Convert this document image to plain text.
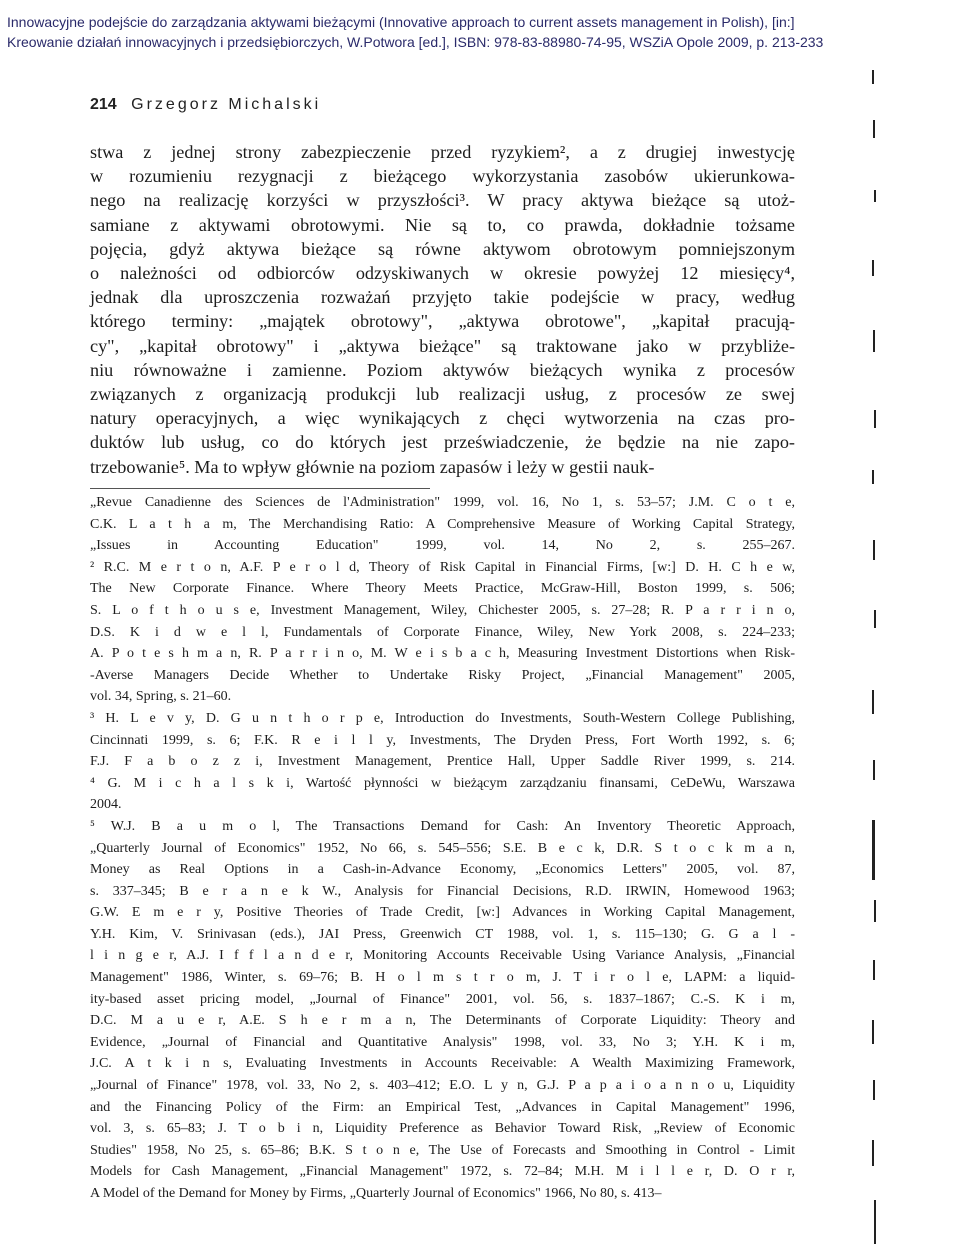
Innowacyjne podejście do zarządzania aktywami bieżącymi (Innovative approach to current assets management in Polish), [in:]
Kreowanie działań innowacyjnych i przedsiębiorczych, W.Potwora [ed.], ISBN: 978-83-88980-74-95, WSZiA Opole 2009, p. 213-233
214 Grzegorz Michalski
stwa z jednej strony zabezpieczenie przed ryzykiem², a z drugiej inwestycję
w rozumieniu rezygnacji z bieżącego wykorzystania zasobów ukierunkowa-
nego na realizację korzyści w przyszłości³. W pracy aktywa bieżące są utoż-
samiane z aktywami obrotowymi. Nie są to, co prawda, dokładnie tożsame
pojęcia, gdyż aktywa bieżące są równe aktywom obrotowym pomniejszonym
o należności od odbiorców odzyskiwanych w okresie powyżej 12 miesięcy⁴,
jednak dla uproszczenia rozważań przyjęto takie podejście w pracy, według
którego terminy: „majątek obrotowy", „aktywa obrotowe", „kapitał pracują-
cy", „kapitał obrotowy" i „aktywa bieżące" są traktowane jako w przybliże-
niu równoważne i zamienne. Poziom aktywów bieżących wynika z procesów
związanych z organizacją produkcji lub realizacji usług, z procesów ze swej
natury operacyjnych, a więc wynikających z chęci wytworzenia na czas pro-
duktów lub usług, co do których jest przeświadczenie, że będzie na nie zapo-
trzebowanie⁵. Ma to wpływ głównie na poziom zapasów i leży w gestii nauk-
„Revue Canadienne des Sciences de l'Administration" 1999, vol. 16, No 1, s. 53–57; J.M. C o t e,
C.K. L a t h a m, The Merchandising Ratio: A Comprehensive Measure of Working Capital Strategy,
„Issues in Accounting Education" 1999, vol. 14, No 2, s. 255–267.
² R.C. M e r t o n, A.F. P e r o l d, Theory of Risk Capital in Financial Firms, [w:] D. H. C h e w,
The New Corporate Finance. Where Theory Meets Practice, McGraw-Hill, Boston 1999, s. 506;
S. L o f t h o u s e, Investment Management, Wiley, Chichester 2005, s. 27–28; R. P a r r i n o,
D.S. K i d w e l l, Fundamentals of Corporate Finance, Wiley, New York 2008, s. 224–233;
A. P o t e s h m a n, R. P a r r i n o, M. W e i s b a c h, Measuring Investment Distortions when Risk-
-Averse Managers Decide Whether to Undertake Risky Project, „Financial Management" 2005,
vol. 34, Spring, s. 21–60.
³ H. L e v y, D. G u n t h o r p e, Introduction do Investments, South-Western College Publishing,
Cincinnati 1999, s. 6; F.K. R e i l l y, Investments, The Dryden Press, Fort Worth 1992, s. 6;
F.J. F a b o z z i, Investment Management, Prentice Hall, Upper Saddle River 1999, s. 214.
⁴ G. M i c h a l s k i, Wartość płynności w bieżącym zarządzaniu finansami, CeDeWu, Warszawa
2004.
⁵ W.J. B a u m o l, The Transactions Demand for Cash: An Inventory Theoretic Approach,
„Quarterly Journal of Economics" 1952, No 66, s. 545–556; S.E. B e c k, D.R. S t o c k m a n,
Money as Real Options in a Cash-in-Advance Economy, „Economics Letters" 2005, vol. 87,
s. 337–345; B e r a n e k W., Analysis for Financial Decisions, R.D. IRWIN, Homewood 1963;
G.W. E m e r y, Positive Theories of Trade Credit, [w:] Advances in Working Capital Management,
Y.H. Kim, V. Srinivasan (eds.), JAI Press, Greenwich CT 1988, vol. 1, s. 115–130; G. G a l -
l i n g e r, A.J. I f f l a n d e r, Monitoring Accounts Receivable Using Variance Analysis, „Financial
Management" 1986, Winter, s. 69–76; B. H o l m s t r o m, J. T i r o l e, LAPM: a liquid-
ity-based asset pricing model, „Journal of Finance" 2001, vol. 56, s. 1837–1867; C.-S. K i m,
D.C. M a u e r, A.E. S h e r m a n, The Determinants of Corporate Liquidity: Theory and
Evidence, „Journal of Financial and Quantitative Analysis" 1998, vol. 33, No 3; Y.H. K i m,
J.C. A t k i n s, Evaluating Investments in Accounts Receivable: A Wealth Maximizing Framework,
„Journal of Finance" 1978, vol. 33, No 2, s. 403–412; E.O. L y n, G.J. P a p a i o a n n o u, Liquidity
and the Financing Policy of the Firm: an Empirical Test, „Advances in Capital Management" 1996,
vol. 3, s. 65–83; J. T o b i n, Liquidity Preference as Behavior Toward Risk, „Review of Economic
Studies" 1958, No 25, s. 65–86; B.K. S t o n e, The Use of Forecasts and Smoothing in Control - Limit
Models for Cash Management, „Financial Management" 1972, s. 72–84; M.H. M i l l e r, D. O r r,
A Model of the Demand for Money by Firms, „Quarterly Journal of Economics" 1966, No 80, s. 413–
